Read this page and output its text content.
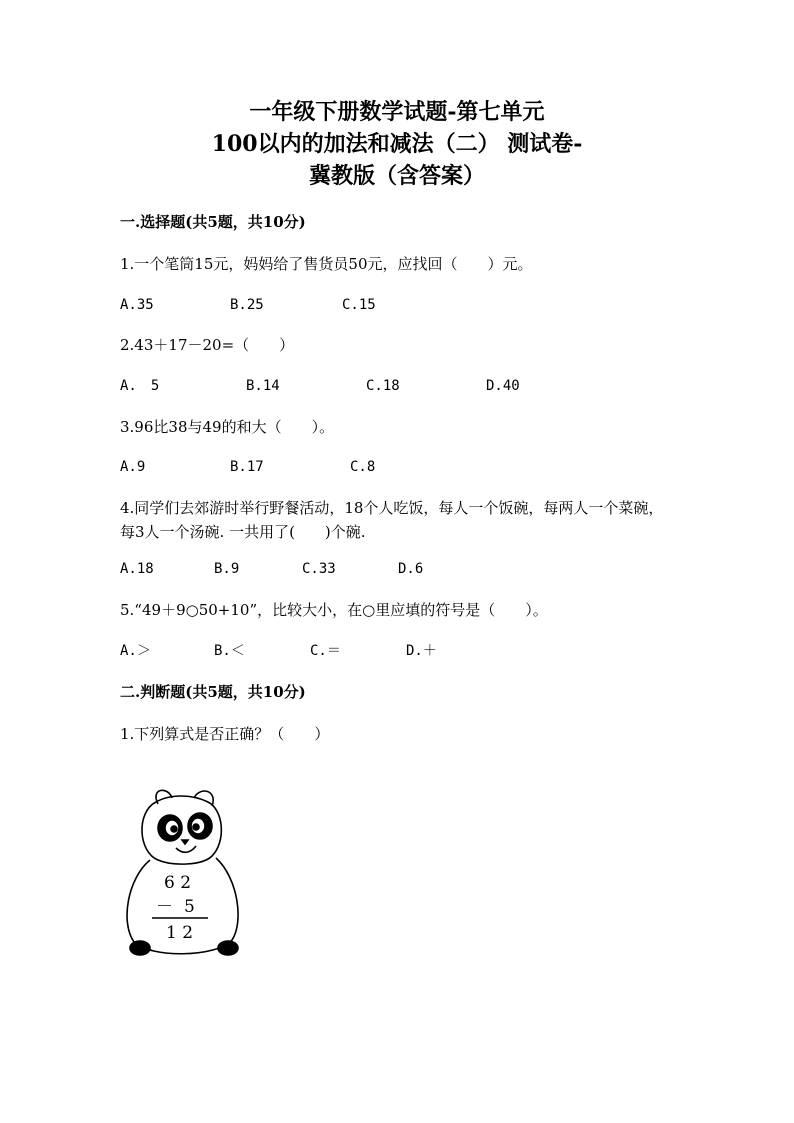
一年级下册数学试题-第七单元
100以内的加法和减法（二） 测试卷-
冀教版（含答案）
一.选择题(共5题，共10分)
1.一个笔筒15元，妈妈给了售货员50元，应找回（　　）元。
A.35	B.25	C.15
2.43＋17－20=（　　）
A.　5	B.14	C.18	D.40
3.96比38与49的和大（　　）。
A.9	B.17	C.8
4.同学们去郊游时举行野餐活动，18个人吃饭，每人一个饭碗，每两人一个菜碗，每3人一个汤碗. 一共用了(　　)个碗.
A.18	B.9	C.33	D.6
5.“49＋9○50+10”，比较大小，在○里应填的符号是（　　）。
A.＞	B.＜	C.＝	D.＋
二.判断题(共5题，共10分)
1.下列算式是否正确？（　　）
6 2
－ 5
1 2
